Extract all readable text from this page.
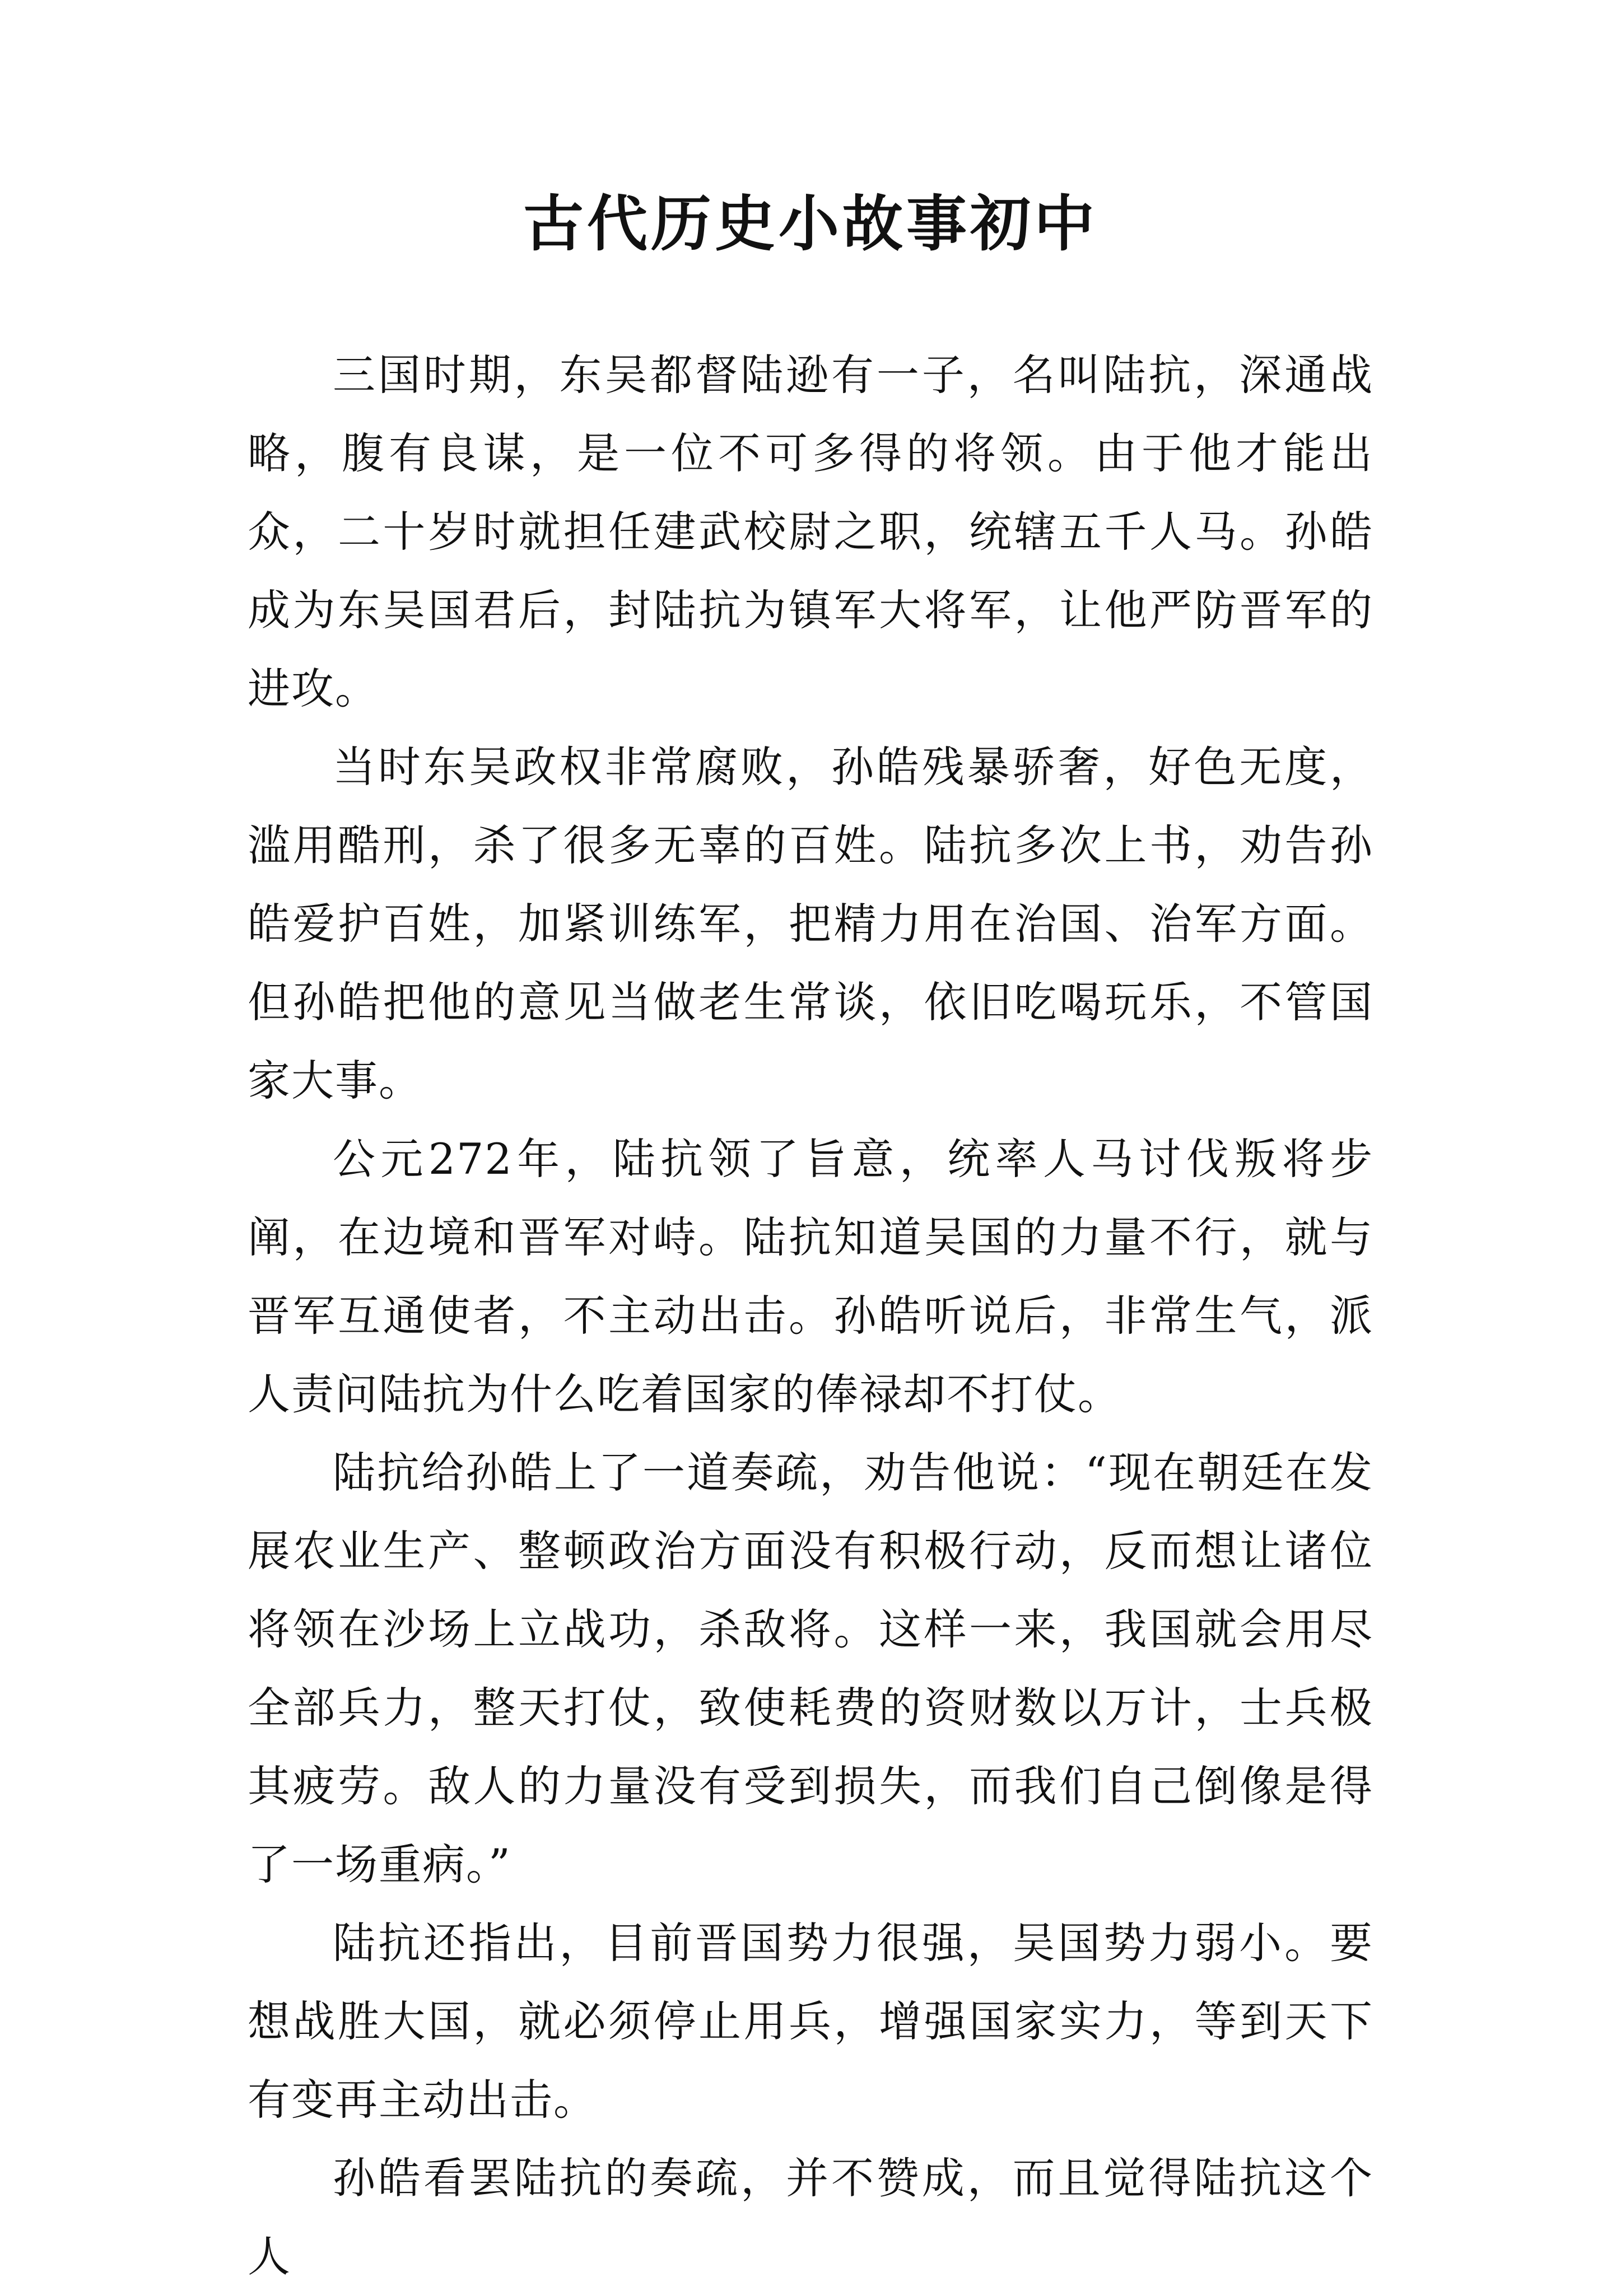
古代历史小故事初中

三国时期，东吴都督陆逊有一子，名叫陆抗，深通战略，腹有良谋，是一位不可多得的将领。由于他才能出众，二十岁时就担任建武校尉之职，统辖五千人马。孙皓成为东吴国君后，封陆抗为镇军大将军，让他严防晋军的进攻。

当时东吴政权非常腐败，孙皓残暴骄奢，好色无度，滥用酷刑，杀了很多无辜的百姓。陆抗多次上书，劝告孙皓爱护百姓，加紧训练军，把精力用在治国、治军方面。但孙皓把他的意见当做老生常谈，依旧吃喝玩乐，不管国家大事。

公元272年，陆抗领了旨意，统率人马讨伐叛将步阐，在边境和晋军对峙。陆抗知道吴国的力量不行，就与晋军互通使者，不主动出击。孙皓听说后，非常生气，派人责问陆抗为什么吃着国家的俸禄却不打仗。

陆抗给孙皓上了一道奏疏，劝告他说：“现在朝廷在发展农业生产、整顿政治方面没有积极行动，反而想让诸位将领在沙场上立战功，杀敌将。这样一来，我国就会用尽全部兵力，整天打仗，致使耗费的资财数以万计，士兵极其疲劳。敌人的力量没有受到损失，而我们自己倒像是得了一场重病。”

陆抗还指出，目前晋国势力很强，吴国势力弱小。要想战胜大国，就必须停止用兵，增强国家实力，等到天下有变再主动出击。

孙皓看罢陆抗的奏疏，并不赞成，而且觉得陆抗这个人
